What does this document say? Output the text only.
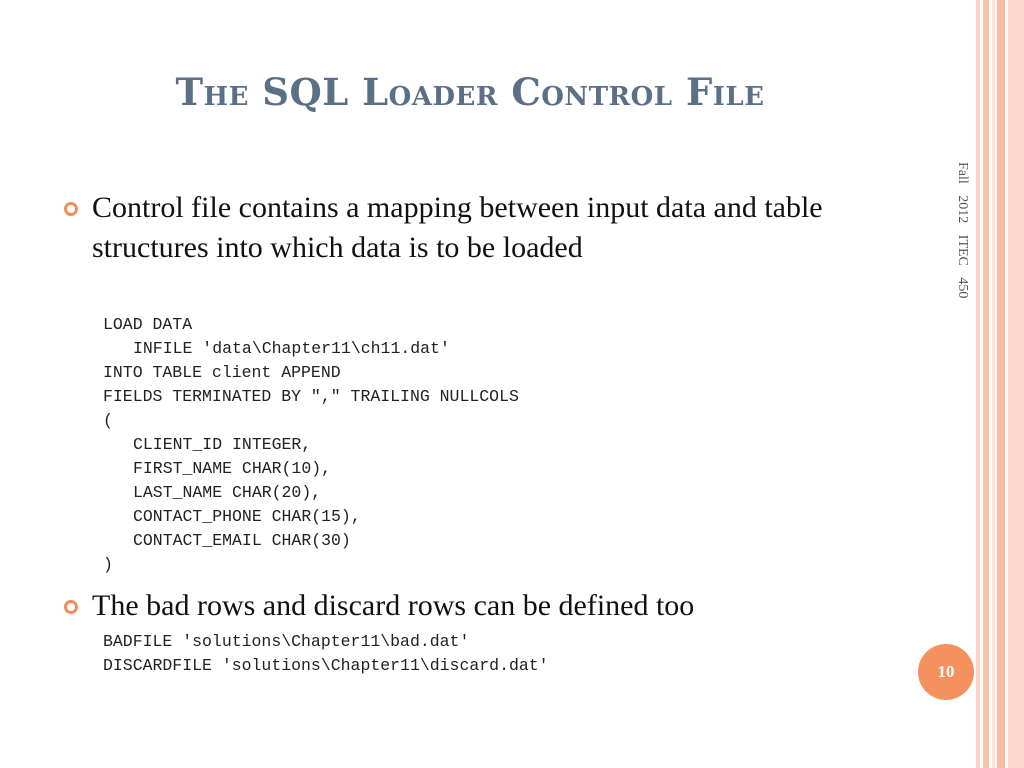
The SQL Loader Control File
Fall 2012 ITEC 450
Control file contains a mapping between input data and table structures into which data is to be loaded
LOAD DATA
INFILE 'data\Chapter11\ch11.dat'
INTO TABLE client APPEND
FIELDS TERMINATED BY "," TRAILING NULLCOLS
(
CLIENT_ID INTEGER,
FIRST_NAME CHAR(10),
LAST_NAME CHAR(20),
CONTACT_PHONE CHAR(15),
CONTACT_EMAIL CHAR(30)
)
The bad rows and discard rows can be defined too
BADFILE 'solutions\Chapter11\bad.dat'
DISCARDFILE 'solutions\Chapter11\discard.dat'	10
